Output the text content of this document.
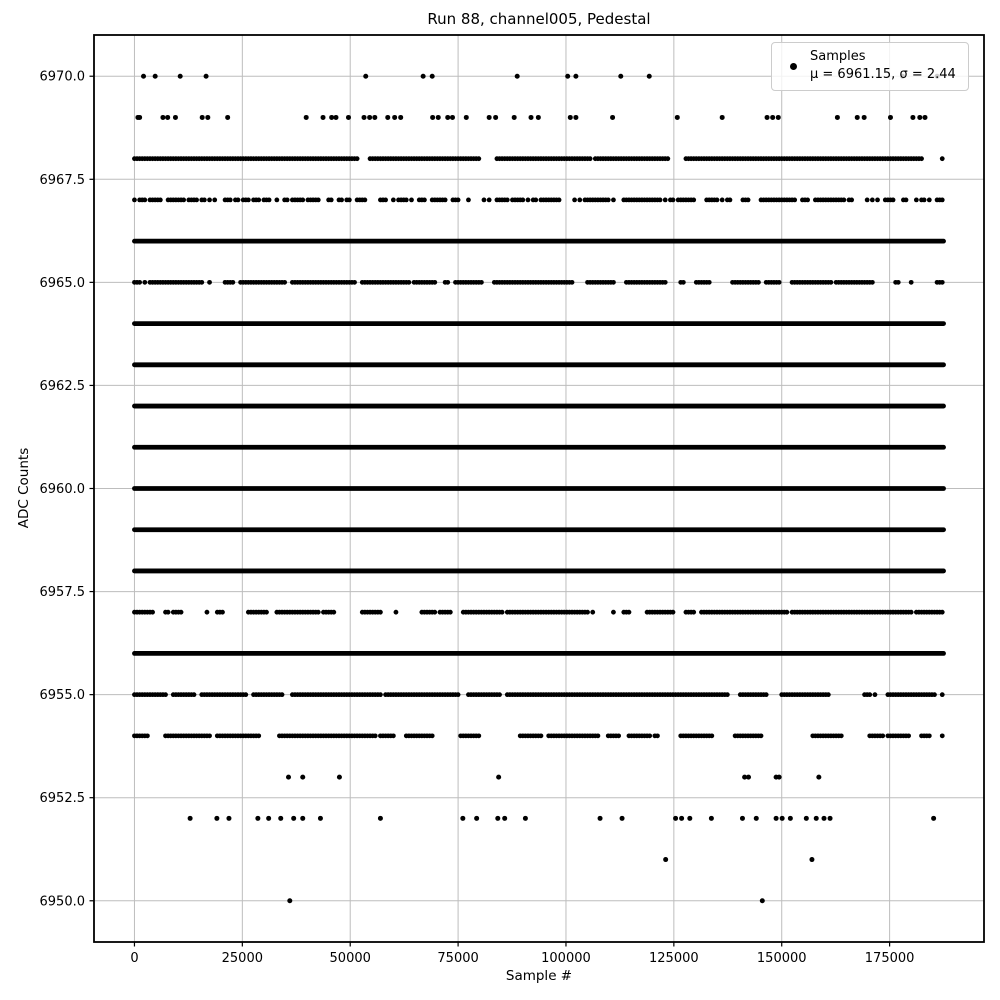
Run 88, channel005, Pedestal
0	25000	50000	75000	100000	125000	150000	175000
6970.0
6967.5
6965.0
6962.5
6960.0
6957.5
6955.0
6952.5
6950.0
ADC Counts
Sample #
Samples
μ = 6961.15, σ = 2.44
